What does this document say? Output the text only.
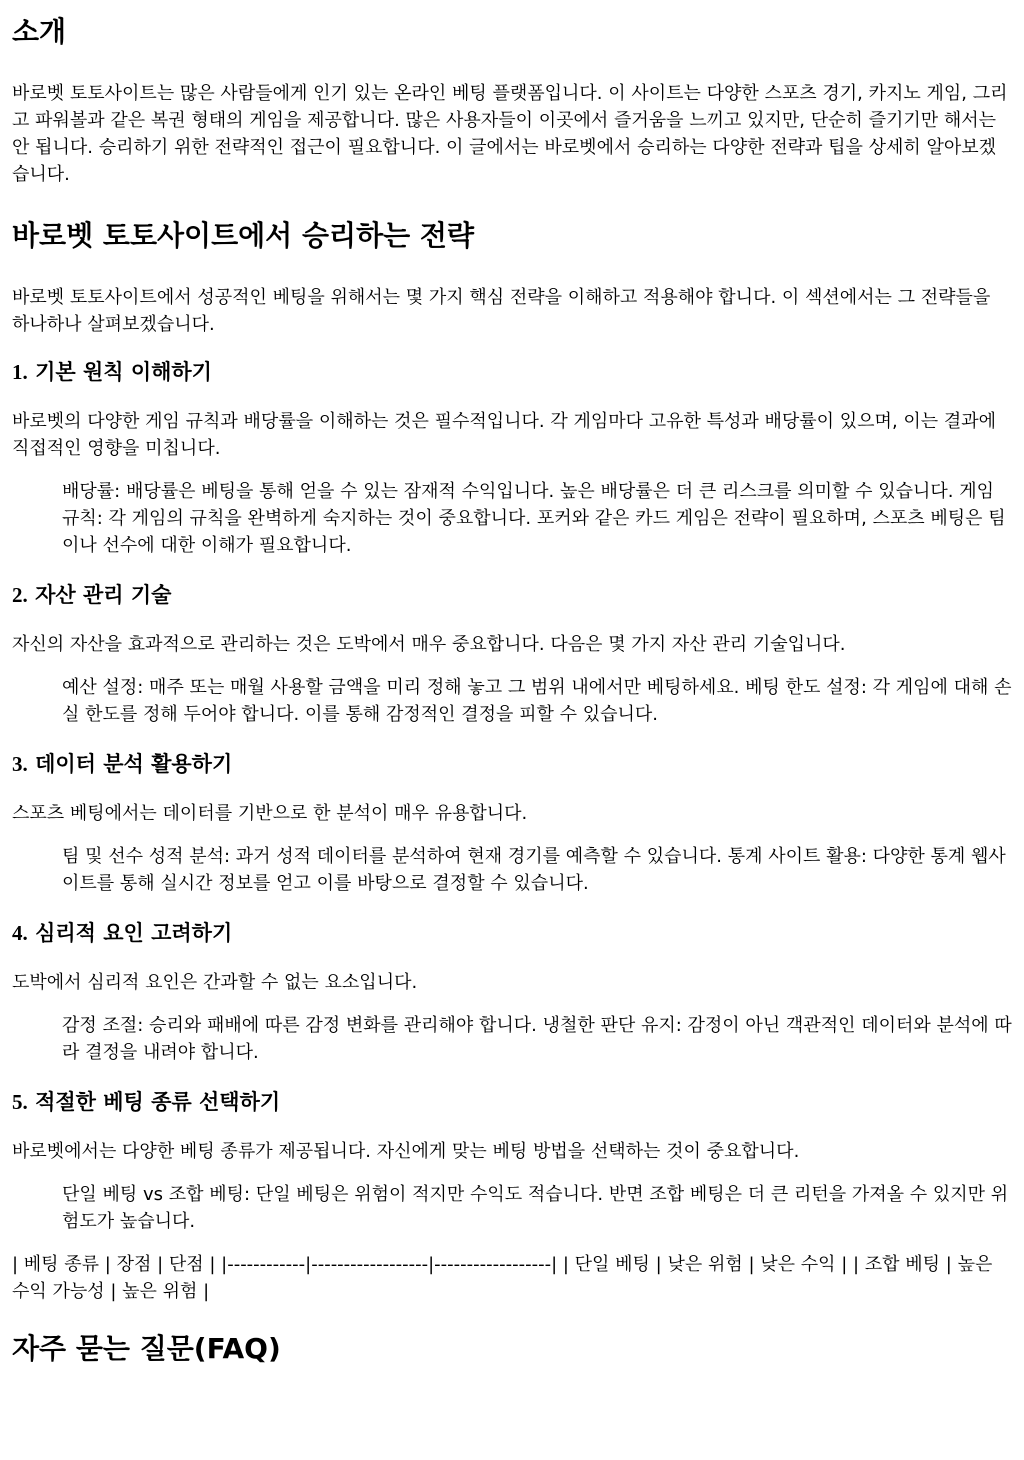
소개

바로벳 토토사이트는 많은 사람들에게 인기 있는 온라인 베팅 플랫폼입니다. 이 사이트는 다양한 스포츠 경기, 카지노 게임, 그리고 파워볼과 같은 복권 형태의 게임을 제공합니다. 많은 사용자들이 이곳에서 즐거움을 느끼고 있지만, 단순히 즐기기만 해서는 안 됩니다. 승리하기 위한 전략적인 접근이 필요합니다. 이 글에서는 바로벳에서 승리하는 다양한 전략과 팁을 상세히 알아보겠습니다.

바로벳 토토사이트에서 승리하는 전략

바로벳 토토사이트에서 성공적인 베팅을 위해서는 몇 가지 핵심 전략을 이해하고 적용해야 합니다. 이 섹션에서는 그 전략들을 하나하나 살펴보겠습니다.

1. 기본 원칙 이해하기

바로벳의 다양한 게임 규칙과 배당률을 이해하는 것은 필수적입니다. 각 게임마다 고유한 특성과 배당률이 있으며, 이는 결과에 직접적인 영향을 미칩니다.

배당률: 배당률은 베팅을 통해 얻을 수 있는 잠재적 수익입니다. 높은 배당률은 더 큰 리스크를 의미할 수 있습니다. 게임 규칙: 각 게임의 규칙을 완벽하게 숙지하는 것이 중요합니다. 포커와 같은 카드 게임은 전략이 필요하며, 스포츠 베팅은 팀이나 선수에 대한 이해가 필요합니다.
2. 자산 관리 기술

자신의 자산을 효과적으로 관리하는 것은 도박에서 매우 중요합니다. 다음은 몇 가지 자산 관리 기술입니다.

예산 설정: 매주 또는 매월 사용할 금액을 미리 정해 놓고 그 범위 내에서만 베팅하세요. 베팅 한도 설정: 각 게임에 대해 손실 한도를 정해 두어야 합니다. 이를 통해 감정적인 결정을 피할 수 있습니다.
3. 데이터 분석 활용하기

스포츠 베팅에서는 데이터를 기반으로 한 분석이 매우 유용합니다.

팀 및 선수 성적 분석: 과거 성적 데이터를 분석하여 현재 경기를 예측할 수 있습니다. 통계 사이트 활용: 다양한 통계 웹사이트를 통해 실시간 정보를 얻고 이를 바탕으로 결정할 수 있습니다.
4. 심리적 요인 고려하기

도박에서 심리적 요인은 간과할 수 없는 요소입니다.

감정 조절: 승리와 패배에 따른 감정 변화를 관리해야 합니다. 냉철한 판단 유지: 감정이 아닌 객관적인 데이터와 분석에 따라 결정을 내려야 합니다.
5. 적절한 베팅 종류 선택하기

바로벳에서는 다양한 베팅 종류가 제공됩니다. 자신에게 맞는 베팅 방법을 선택하는 것이 중요합니다.

단일 베팅 vs 조합 베팅: 단일 베팅은 위험이 적지만 수익도 적습니다. 반면 조합 베팅은 더 큰 리턴을 가져올 수 있지만 위험도가 높습니다.

| 베팅 종류 | 장점 | 단점 | |------------|------------------|------------------| | 단일 베팅 | 낮은 위험 | 낮은 수익 | | 조합 베팅 | 높은 수익 가능성 | 높은 위험 |

자주 묻는 질문(FAQ)
